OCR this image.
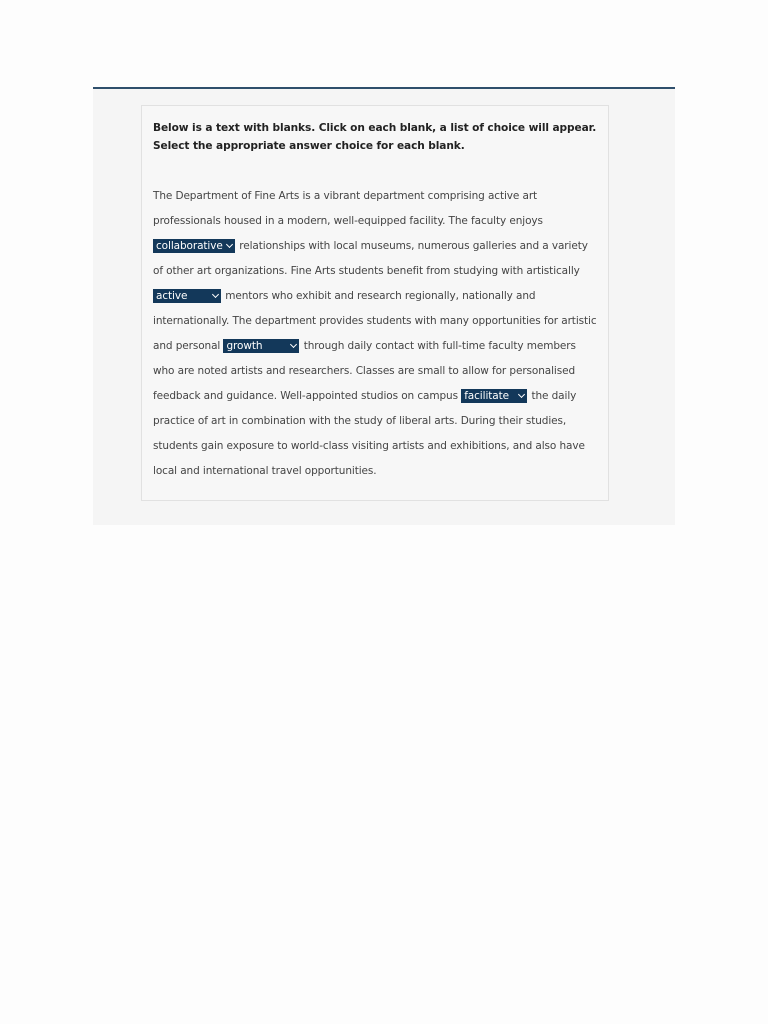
Below is a text with blanks. Click on each blank, a list of choice will appear. Select the appropriate answer choice for each blank.

The Department of Fine Arts is a vibrant department comprising active art professionals housed in a modern, well-equipped facility. The faculty enjoys
collaborative relationships with local museums, numerous galleries and a variety of other art organizations. Fine Arts students benefit from studying with artistically
active	mentors who exhibit and research regionally, nationally and internationally. The department provides students with many opportunities for artistic and personal growth	through daily contact with full-time faculty members who are noted artists and researchers. Classes are small to allow for personalised feedback and guidance. Well-appointed studios on campus facilitate the daily practice of art in combination with the study of liberal arts. During their studies, students gain exposure to world-class visiting artists and exhibitions, and also have local and international travel opportunities.
